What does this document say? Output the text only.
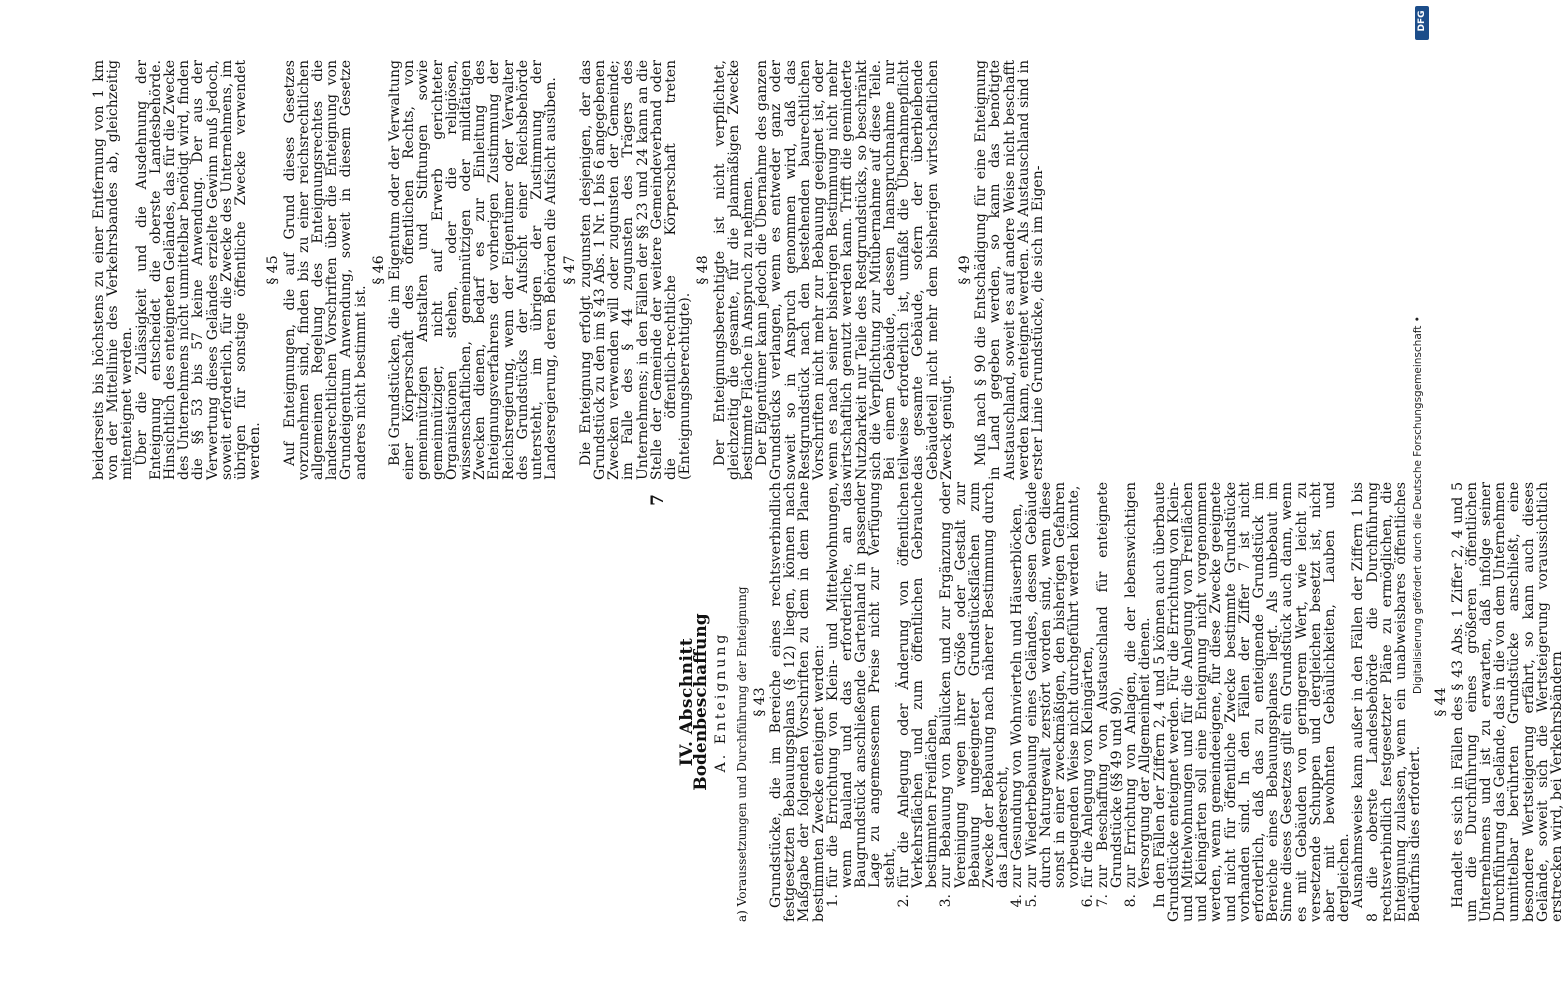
7
IV. Abschnitt
Bodenbeschaffung A. Enteignung a) Voraussetzungen und Durchführung der Enteignung § 43 Grundstücke, die im Bereiche eines rechtsverbindlich festgesetzten Bebauungsplans (§ 12) liegen, können nach Maßgabe der folgenden Vorschriften zu dem in dem Plane bestimmten Zwecke enteignet werden:

1.
für die Errichtung von Klein- und Mittelwohnungen, wenn Bauland und das erforderliche, an das Baugrundstück anschließende Gartenland in passender Lage zu angemessenem Preise nicht zur Verfügung steht,
2.
für die Anlegung oder Änderung von öffentlichen Verkehrsflächen und zum öffentlichen Gebrauche bestimmten Freiflächen,
3.
zur Bebauung von Baulücken und zur Ergänzung oder Vereinigung wegen ihrer Größe oder Gestalt zur Bebauung ungeeigneter Grundstücksflächen zum Zwecke der Bebauung nach näherer Bestimmung durch das Landesrecht,
4.
zur Gesundung von Wohnvierteln und Häuserblöcken,
5.
zur Wiederbebauung eines Geländes, dessen Gebäude durch Naturgewalt zerstört worden sind, wenn diese sonst in einer zweckmäßigen, den bisherigen Gefahren vorbeugenden Weise nicht durchgeführt werden könnte,
6.
für die Anlegung von Kleingärten,
7.
zur Beschaffung von Austauschland für enteignete Grundstücke (§§ 49 und 90),
8.
zur Errichtung von Anlagen, die der lebenswichtigen Versorgung der Allgemeinheit dienen.

In den Fällen der Ziffern 2, 4 und 5 können auch überbaute Grundstücke enteignet werden. Für die Errichtung von Klein- und Mittelwohnungen und für die Anlegung von Freiflächen und Kleingärten soll eine Enteignung nicht vorgenommen werden, wenn gemeindeeigene, für diese Zwecke geeignete und nicht für öffentliche Zwecke bestimmte Grundstücke vorhanden sind. In den Fällen der Ziffer 7 ist nicht erforderlich, daß das zu enteignende Grundstück im Bereiche eines Bebauungsplanes liegt. Als unbebaut im Sinne dieses Gesetzes gilt ein Grundstück auch dann, wenn es mit Gebäuden von geringerem Wert, wie leicht zu versetzende Schuppen und dergleichen besetzt ist, nicht aber mit bewohnten Gebäulichkeiten, Lauben und dergleichen.

Ausnahmsweise kann außer in den Fällen der Ziffern 1 bis 8 die oberste Landesbehörde die Durchführung rechtsverbindlich festgesetzter Pläne zu ermöglichen, die Enteignung zulassen, wenn ein unabweisbares öffentliches Bedürfnis dies erfordert.

§ 44 Handelt es sich in Fällen des § 43 Abs. 1 Ziffer 2, 4 und 5 um die Durchführung eines größeren öffentlichen Unternehmens und ist zu erwarten, daß infolge seiner Durchführung das Gelände, das in die von dem Unternehmen unmittelbar berührten Grundstücke anschließt, eine besondere Wertsteigerung erfährt, so kann auch dieses Gelände, soweit sich die Wertsteigerung voraussichtlich erstrecken wird, bei Verkehrsbändern

beiderseits bis höchstens zu einer Entfernung von 1 km von der Mittellinie des Verkehrsbandes ab, gleichzeitig mitenteignet werden.

Über die Zulässigkeit und die Ausdehnung der Enteignung entscheidet die oberste Landesbehörde. Hinsichtlich des enteigneten Geländes, das für die Zwecke des Unternehmens nicht unmittelbar benötigt wird, finden die §§ 53 bis 57 keine Anwendung. Der aus der Verwertung dieses Geländes erzielte Gewinn muß jedoch, soweit erforderlich, für die Zwecke des Unternehmens, im übrigen für sonstige öffentliche Zwecke verwendet werden.

§ 45 Auf Enteignungen, die auf Grund dieses Gesetzes vorzunehmen sind, finden bis zu einer reichsrechtlichen allgemeinen Regelung des Enteignungsrechtes die landesrechtlichen Vorschriften über die Enteignung von Grundeigentum Anwendung, soweit in diesem Gesetze anderes nicht bestimmt ist.

§ 46 Bei Grundstücken, die im Eigentum oder der Verwaltung einer Körperschaft des öffentlichen Rechts, von gemeinnützigen Anstalten und Stiftungen sowie gemeinnütziger, nicht auf Erwerb gerichteter Organisationen stehen, oder die religiösen, wissenschaftlichen, gemeinnützigen oder mildtätigen Zwecken dienen, bedarf es zur Einleitung des Enteignungsverfahrens der vorherigen Zustimmung der Reichsregierung, wenn der Eigentümer oder Verwalter des Grundstücks der Aufsicht einer Reichsbehörde untersteht, im übrigen der Zustimmung der Landesregierung, deren Behörden die Aufsicht ausüben. § 47 Die Enteignung erfolgt zugunsten desjenigen, der das Grundstück zu den im § 43 Abs. 1 Nr. 1 bis 6 angegebenen Zwecken verwenden will oder zugunsten der Gemeinde; im Falle des § 44 zugunsten des Trägers des Unternehmens; in den Fällen der §§ 23 und 24 kann an die Stelle der Gemeinde der weitere Gemeindeverband oder die öffentlich-rechtliche Körperschaft treten (Enteignungsberechtigte).

§ 48 Der Enteignungsberechtigte ist nicht verpflichtet, gleichzeitig die gesamte, für die planmäßigen Zwecke bestimmte Fläche in Anspruch zu nehmen.

Der Eigentümer kann jedoch die Übernahme des ganzen Grundstücks verlangen, wenn es entweder ganz oder soweit so in Anspruch genommen wird, daß das Restgrundstück nach den bestehenden baurechtlichen Vorschriften nicht mehr zur Bebauung geeignet ist, oder wenn es nach seiner bisherigen Bestimmung nicht mehr wirtschaftlich genutzt werden kann. Trifft die geminderte Nutzbarkeit nur Teile des Restgrundstücks, so beschränkt sich die Verpflichtung zur Mitübernahme auf diese Teile. Bei einem Gebäude, dessen Inanspruchnahme nur teilweise erforderlich ist, umfaßt die Übernahmepflicht das gesamte Gebäude, sofern der überbleibende Gebäudeteil nicht mehr dem bisherigen wirtschaftlichen Zweck genügt.

§ 49 Muß nach § 90 die Entschädigung für eine Enteignung in Land gegeben werden, so kann das benötigte Austauschland, soweit es auf andere Weise nicht beschafft werden kann, enteignet werden. Als Austauschland sind in erster Linie Grundstücke, die sich im Eigen-	Digitalisierung gefördert durch die Deutsche Forschungsgemeinschaft •
DFG
